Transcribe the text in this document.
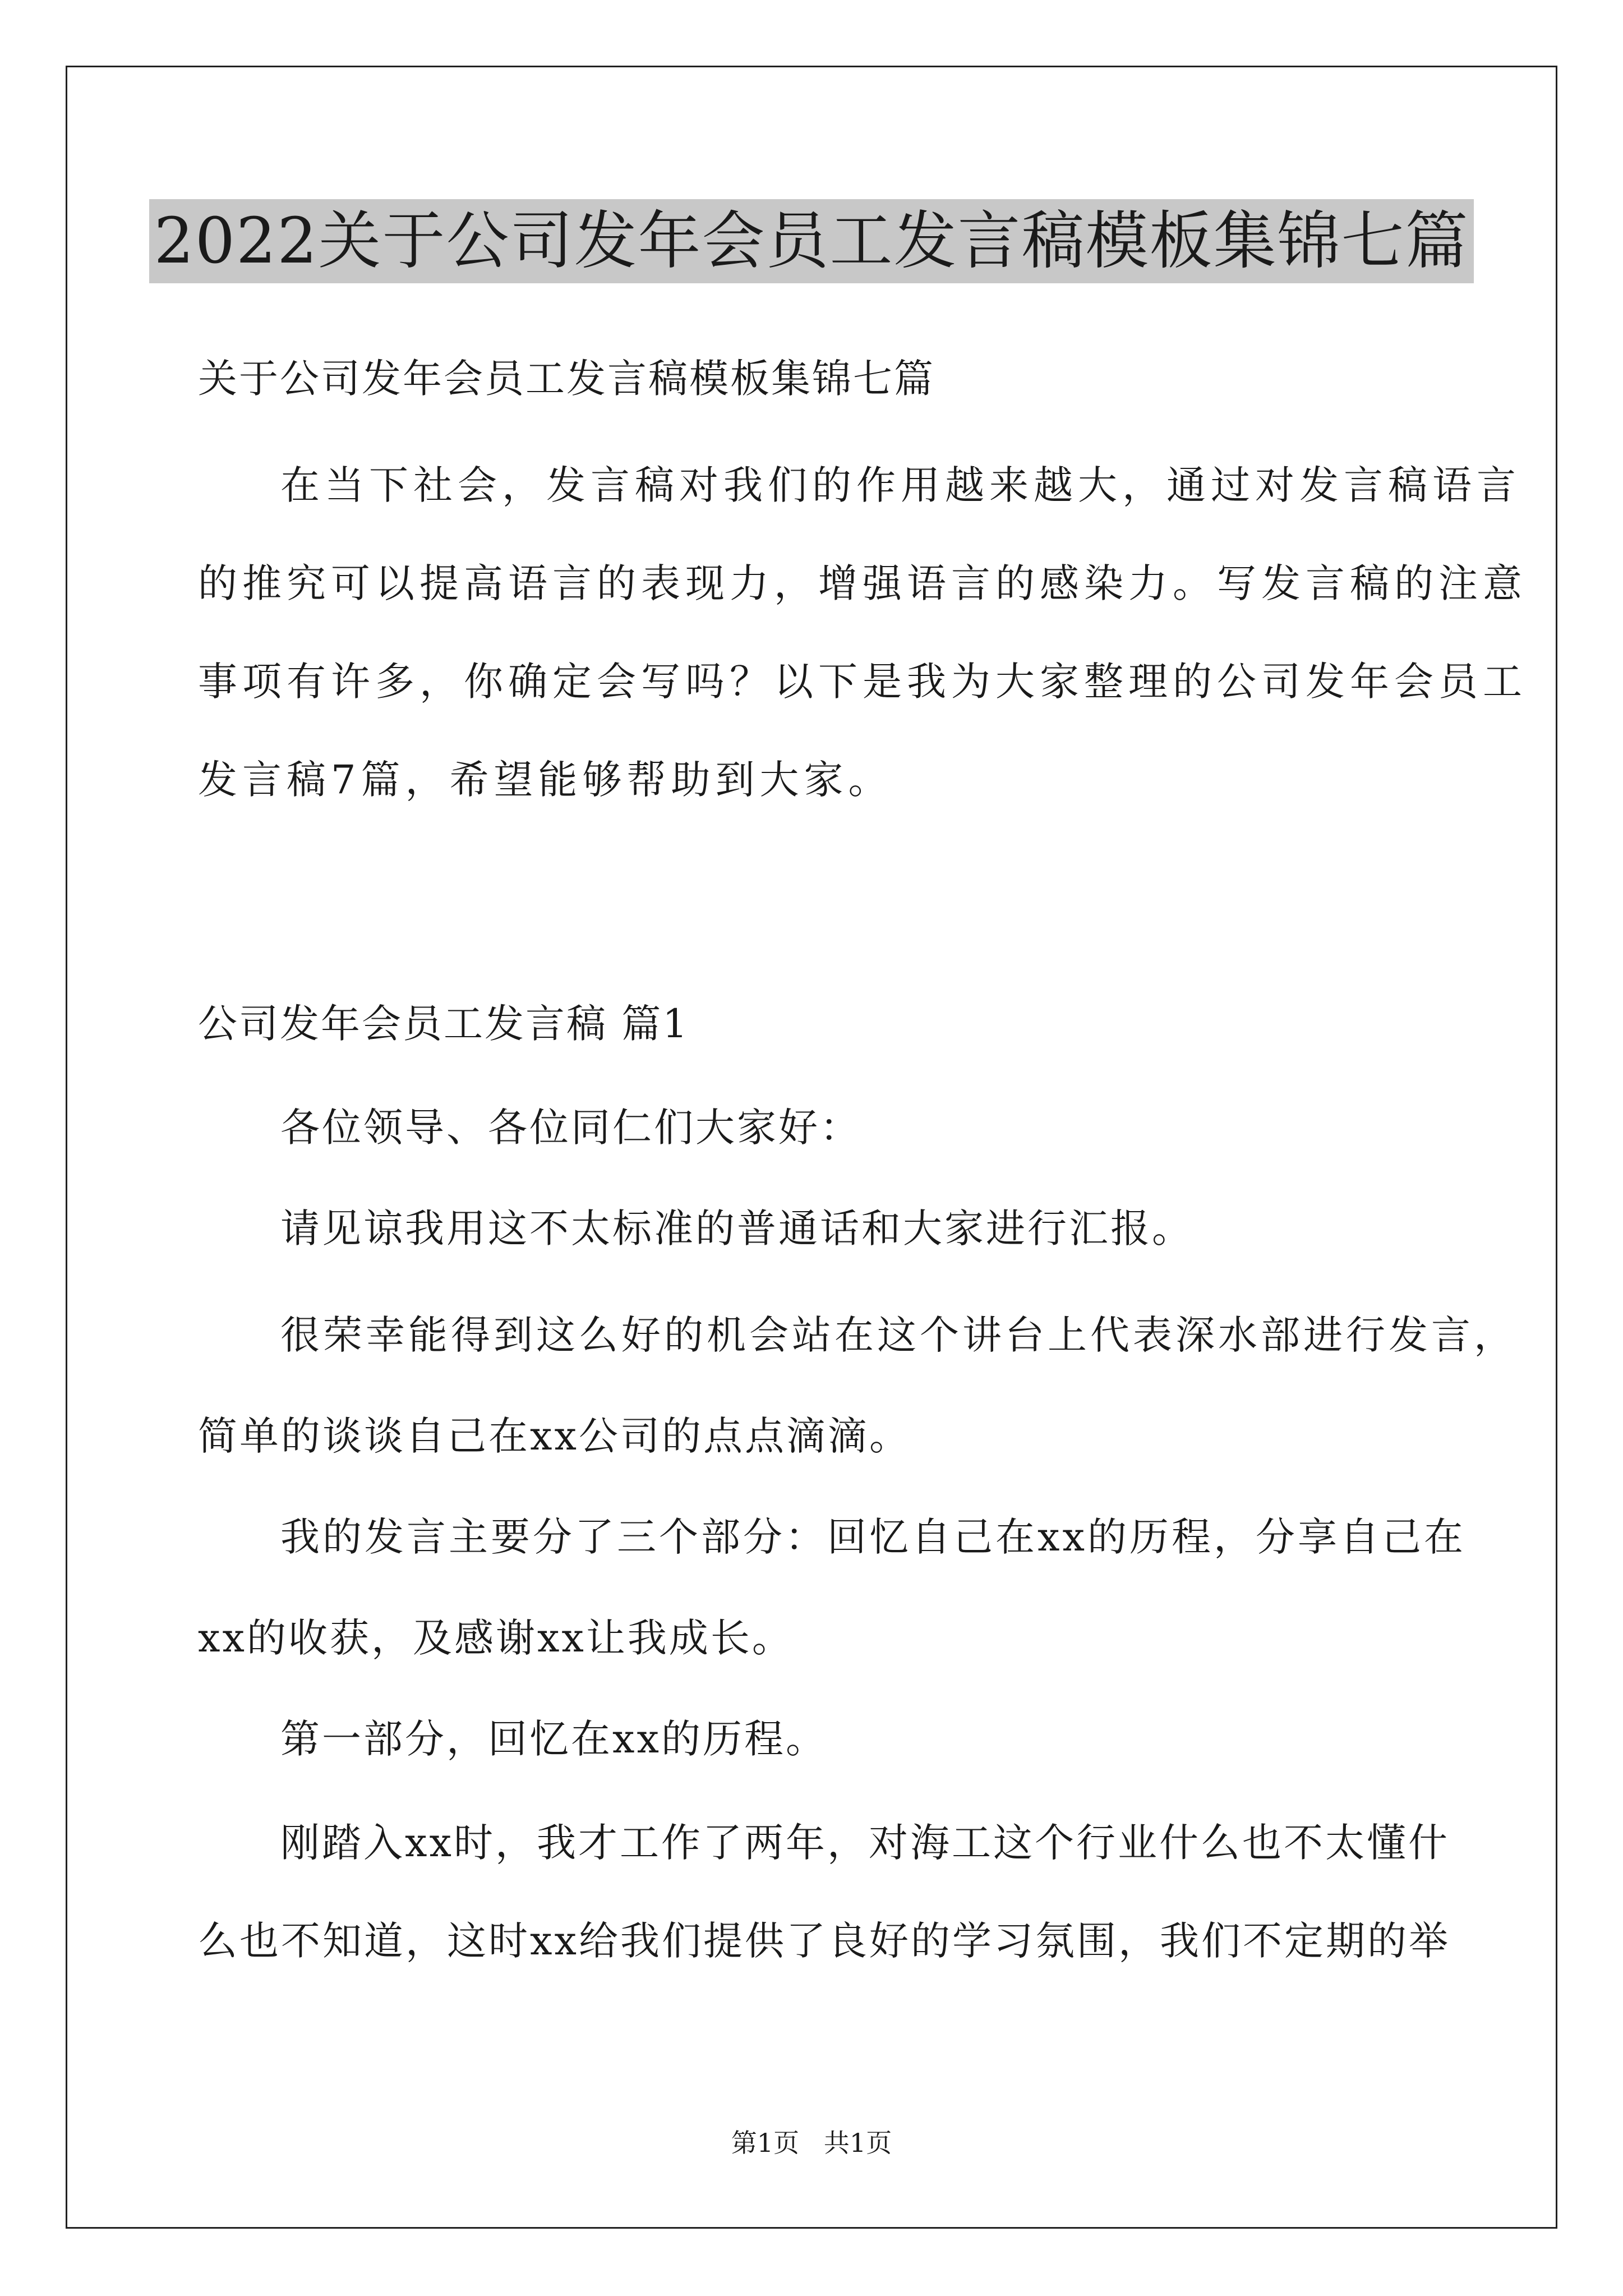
2022关于公司发年会员工发言稿模板集锦七篇
关于公司发年会员工发言稿模板集锦七篇
在当下社会，发言稿对我们的作用越来越大，通过对发言稿语言
的推究可以提高语言的表现力，增强语言的感染力。写发言稿的注意
事项有许多，你确定会写吗？以下是我为大家整理的公司发年会员工
发言稿7篇，希望能够帮助到大家。
公司发年会员工发言稿 篇1
各位领导、各位同仁们大家好：
请见谅我用这不太标准的普通话和大家进行汇报。
很荣幸能得到这么好的机会站在这个讲台上代表深水部进行发言，
简单的谈谈自己在xx公司的点点滴滴。
我的发言主要分了三个部分：回忆自己在xx的历程，分享自己在
xx的收获，及感谢xx让我成长。
第一部分，回忆在xx的历程。
刚踏入xx时，我才工作了两年，对海工这个行业什么也不太懂什
么也不知道，这时xx给我们提供了良好的学习氛围，我们不定期的举
第1页   共1页
